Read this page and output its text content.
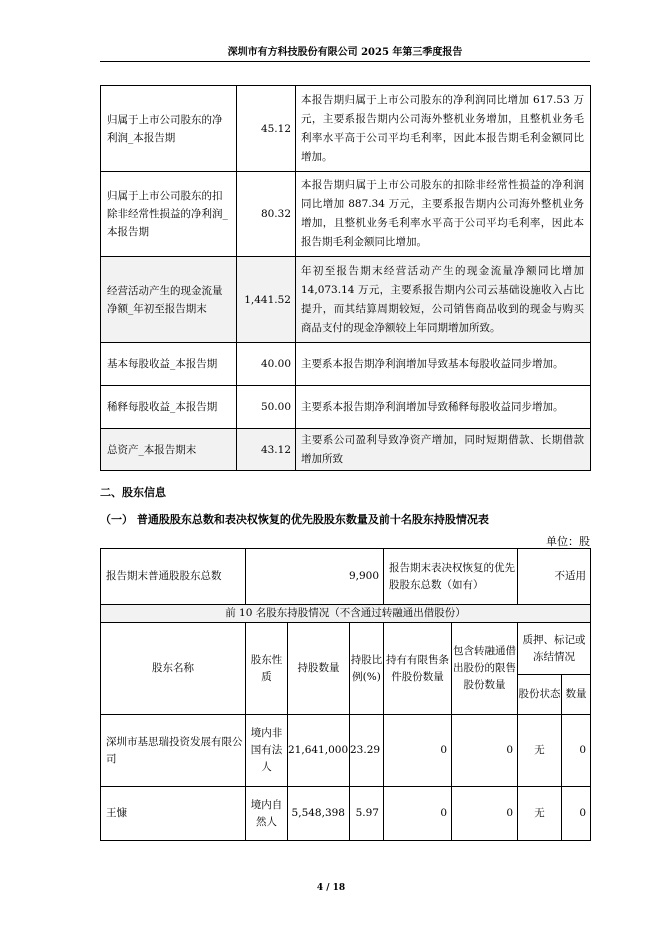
深圳市有方科技股份有限公司 2025 年第三季度报告
归属于上市公司股东的净利润_本报告期	45.12	本报告期归属于上市公司股东的净利润同比增加 617.53 万元，主要系报告期内公司海外整机业务增加，且整机业务毛利率水平高于公司平均毛利率，因此本报告期毛利金额同比增加。
归属于上市公司股东的扣除非经常性损益的净利润_本报告期	80.32	本报告期归属于上市公司股东的扣除非经常性损益的净利润同比增加 887.34 万元，主要系报告期内公司海外整机业务增加，且整机业务毛利率水平高于公司平均毛利率，因此本报告期毛利金额同比增加。
经营活动产生的现金流量净额_年初至报告期末	1,441.52	年初至报告期末经营活动产生的现金流量净额同比增加 14,073.14 万元，主要系报告期内公司云基础设施收入占比提升，而其结算周期较短，公司销售商品收到的现金与购买商品支付的现金净额较上年同期增加所致。
基本每股收益_本报告期	40.00	主要系本报告期净利润增加导致基本每股收益同步增加。
稀释每股收益_本报告期	50.00	主要系本报告期净利润增加导致稀释每股收益同步增加。
总资产_本报告期末	43.12	主要系公司盈利导致净资产增加，同时短期借款、长期借款增加所致
二、股东信息
（一） 普通股股东总数和表决权恢复的优先股股东数量及前十名股东持股情况表
单位：股
报告期末普通股股东总数	9,900			报告期末表决权恢复的优先股股东总数（如有）		不适用	
前 10 名股东持股情况（不含通过转融通出借股份）							
股东名称	股东性质	持股数量	持股比例(%)	持有有限售条件股份数量	包含转融通借出股份的限售股份数量	质押、标记或冻结情况	
						股份状态	数量
深圳市基思瑞投资发展有限公司	境内非国有法人	21,641,000	23.29	0	0	无	0
王慷	境内自然人	5,548,398	5.97	0	0	无	0
4 / 18
